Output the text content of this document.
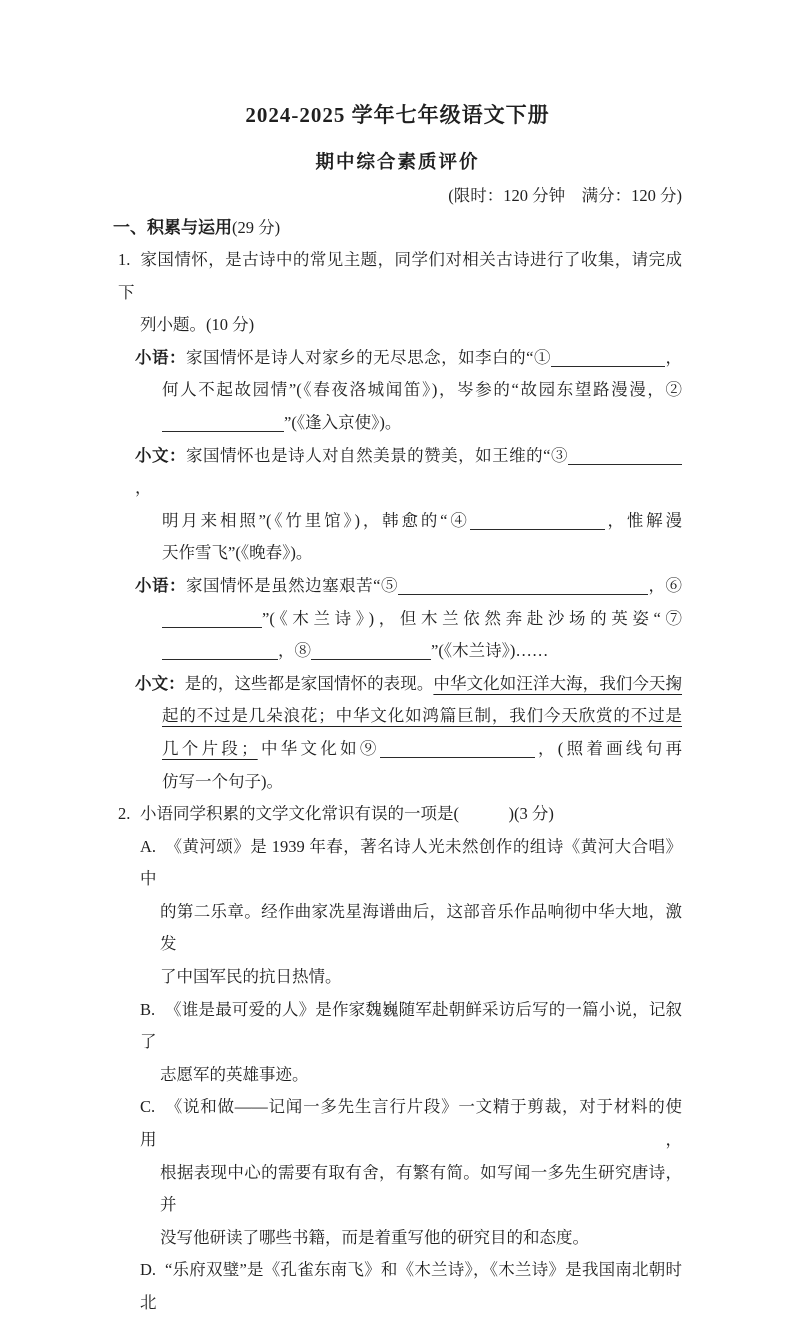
2024-2025 学年七年级语文下册
期中综合素质评价
(限时：120 分钟　满分：120 分)
一、积累与运用(29 分)
1. 家国情怀，是古诗中的常见主题，同学们对相关古诗进行了收集，请完成下
列小题。(10 分)
小语：家国情怀是诗人对家乡的无尽思念，如李白的“①	，
何人不起故园情”(《春夜洛城闻笛》)，岑参的“故园东望路漫漫，②
”(《逢入京使》)。
小文：家国情怀也是诗人对自然美景的赞美，如王维的“③，
明月来相照”(《竹里馆》)，韩愈的“④	，惟解漫
天作雪飞”(《晚春》)。
小语：家国情怀是虽然边塞艰苦“⑤	，⑥
”(《木兰诗》)，但木兰依然奔赴沙场的英姿“⑦
，⑧	”(《木兰诗》)……
小文：是的，这些都是家国情怀的表现。中华文化如汪洋大海，我们今天掬
起的不过是几朵浪花；中华文化如鸿篇巨制，我们今天欣赏的不过是
几个片段；中华文化如⑨	，(照着画线句再
仿写一个句子)。
2. 小语同学积累的文学文化常识有误的一项是(　　　)(3 分)
A. 《黄河颂》是 1939 年春，著名诗人光未然创作的组诗《黄河大合唱》中
的第二乐章。经作曲家冼星海谱曲后，这部音乐作品响彻中华大地，激发
了中国军民的抗日热情。
B. 《谁是最可爱的人》是作家魏巍随军赴朝鲜采访后写的一篇小说，记叙了
志愿军的英雄事迹。
C. 《说和做——记闻一多先生言行片段》一文精于剪裁，对于材料的使用，
根据表现中心的需要有取有舍，有繁有简。如写闻一多先生研究唐诗，并
没写他研读了哪些书籍，而是着重写他的研究目的和态度。
D. “乐府双璧”是《孔雀东南飞》和《木兰诗》，《木兰诗》是我国南北朝时北
